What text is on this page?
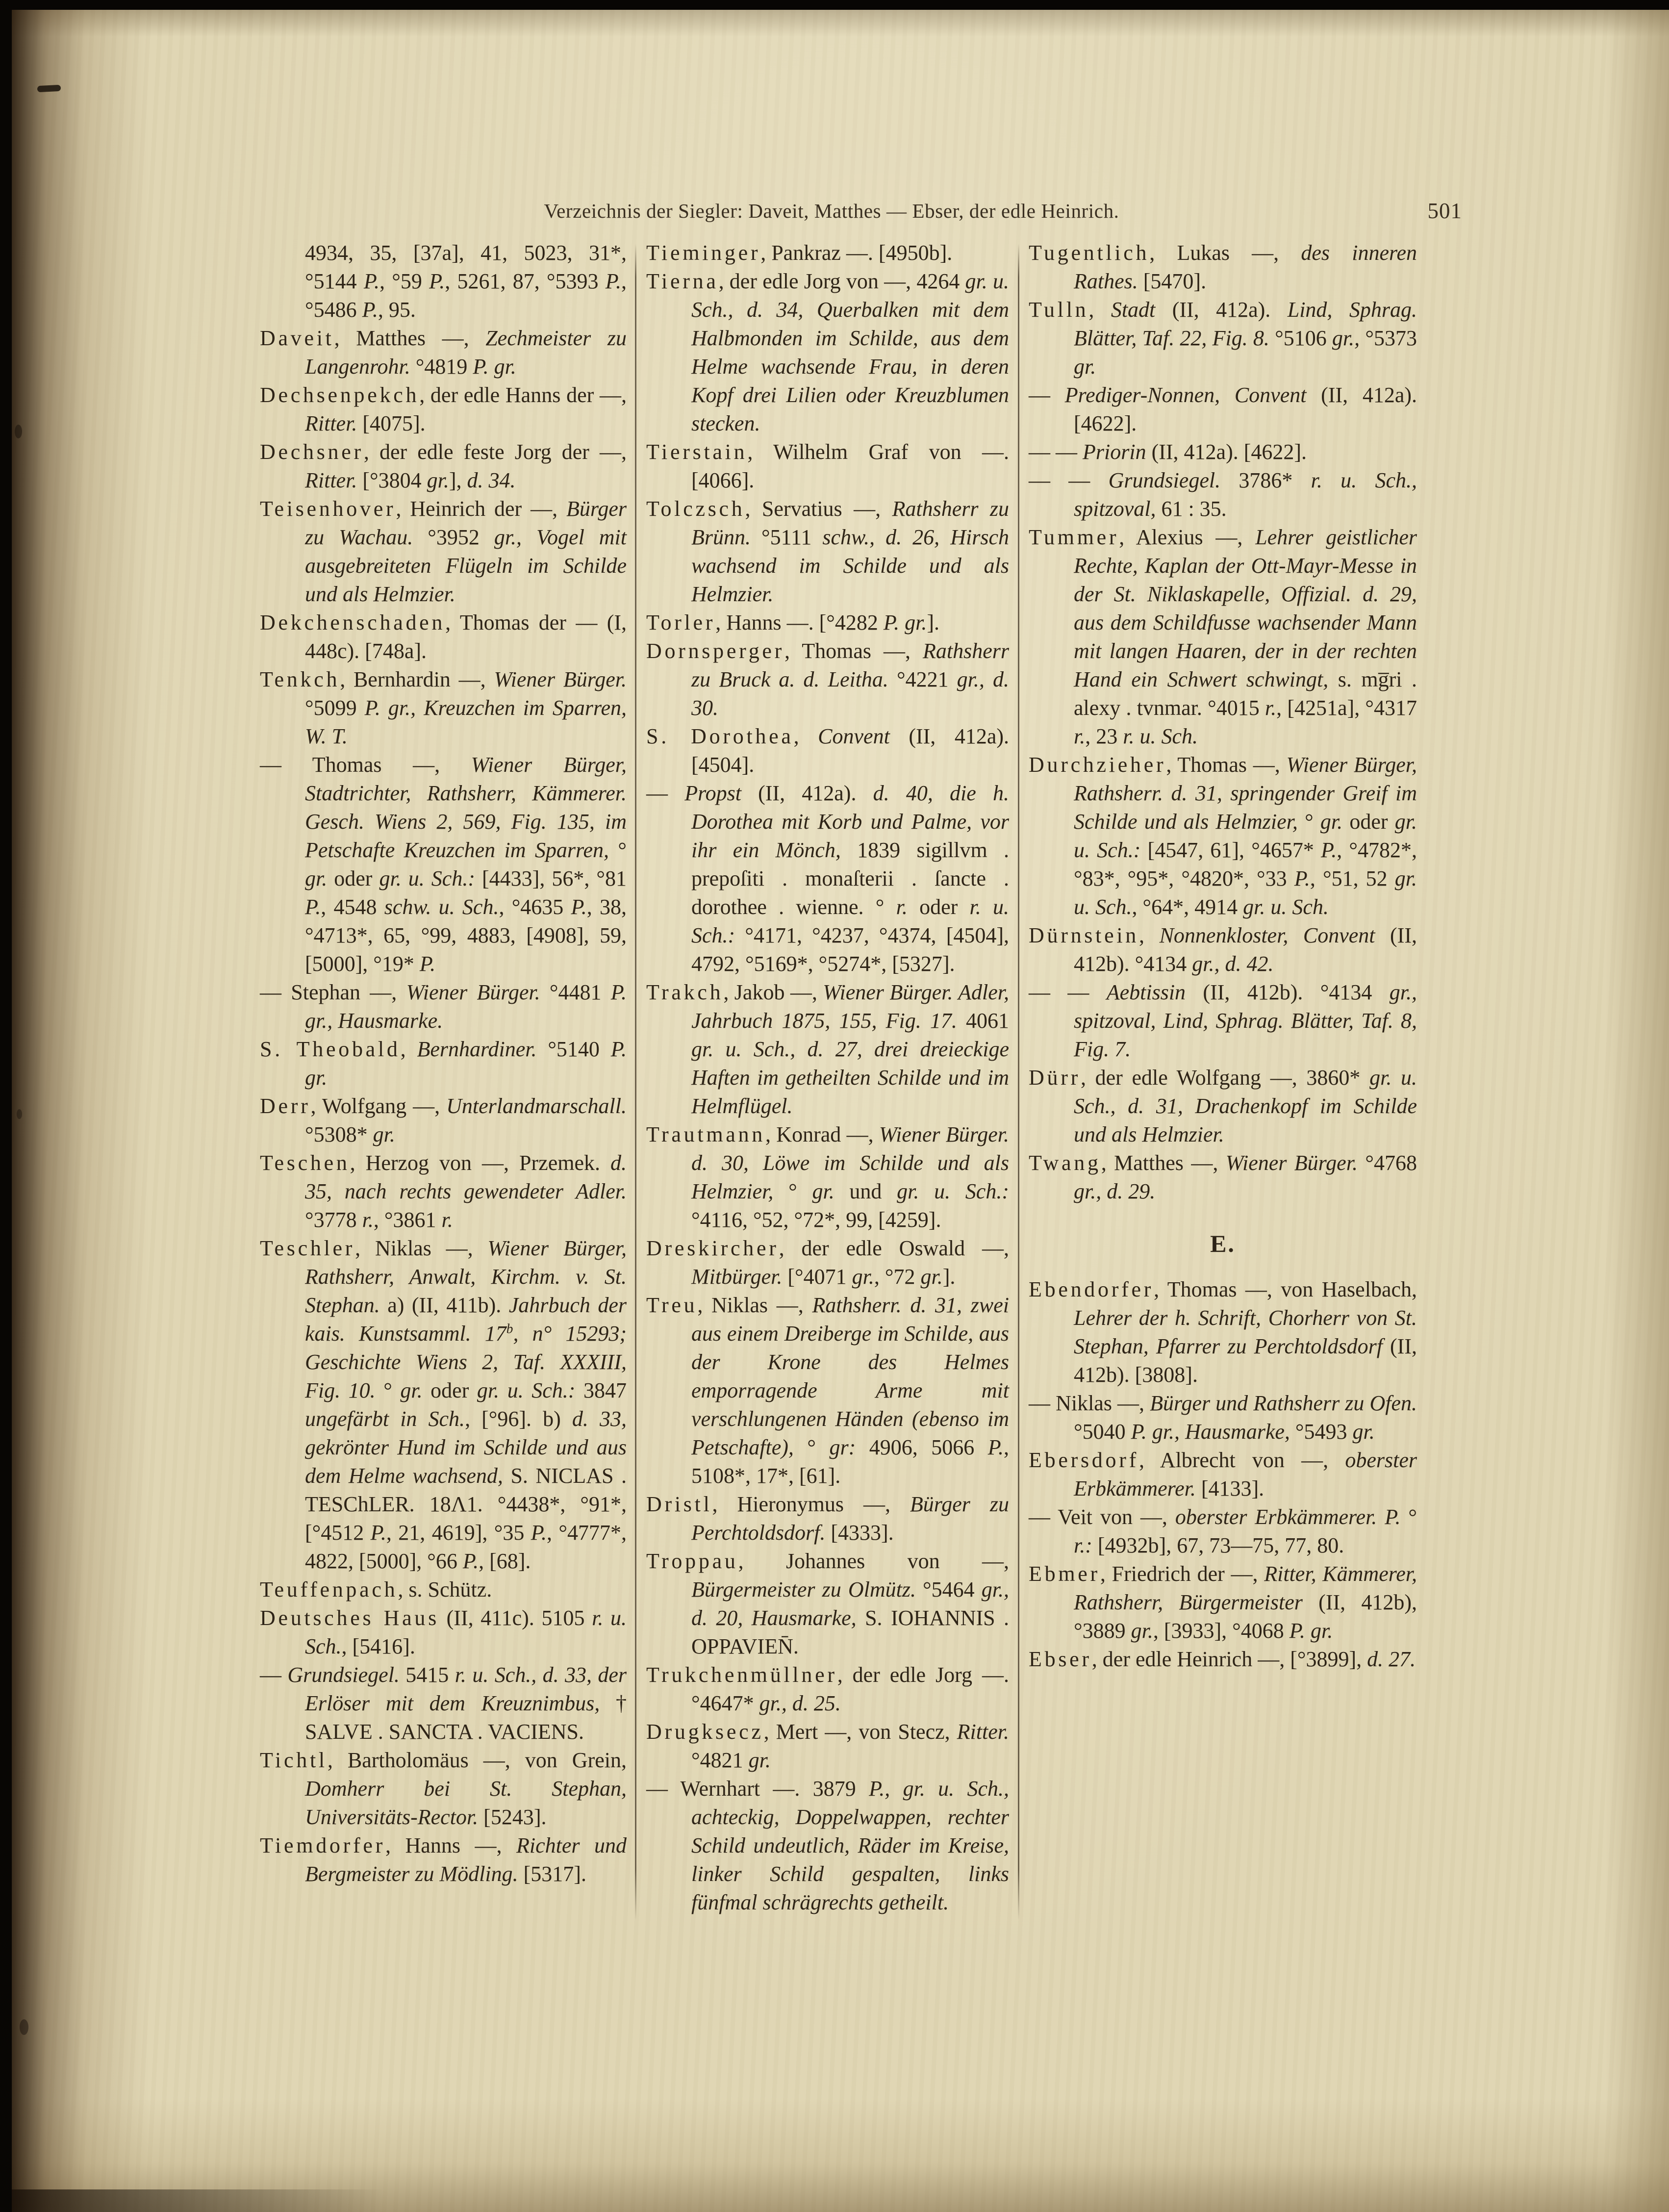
Verzeichnis der Siegler: Daveit, Matthes — Ebser, der edle Heinrich.	501

4934, 35, [37a], 41, 5023, 31*, °5144 P., °59 P., 5261, 87, °5393 P., °5486 P., 95.

Daveit, Matthes —, Zechmeister zu Langenrohr. °4819 P. gr.

Dechsenpekch, der edle Hanns der —, Ritter. [4075].

Dechsner, der edle feste Jorg der —, Ritter. [°3804 gr.], d. 34.

Teisenhover, Heinrich der —, Bürger zu Wachau. °3952 gr., Vogel mit ausgebreiteten Flügeln im Schilde und als Helmzier.

Dekchenschaden, Thomas der — (I, 448c). [748a].

Tenkch, Bernhardin —, Wiener Bürger. °5099 P. gr., Kreuzchen im Sparren, W. T.

— Thomas —, Wiener Bürger, Stadtrichter, Rathsherr, Kämmerer. Gesch. Wiens 2, 569, Fig. 135, im Petschafte Kreuzchen im Sparren, ° gr. oder gr. u. Sch.: [4433], 56*, °81 P., 4548 schw. u. Sch., °4635 P., 38, °4713*, 65, °99, 4883, [4908], 59, [5000], °19* P.

— Stephan —, Wiener Bürger. °4481 P. gr., Hausmarke.

S. Theobald, Bernhardiner. °5140 P. gr.

Derr, Wolfgang —, Unterlandmarschall. °5308* gr.

Teschen, Herzog von —, Przemek. d. 35, nach rechts gewendeter Adler. °3778 r., °3861 r.

Teschler, Niklas —, Wiener Bürger, Rathsherr, Anwalt, Kirchm. v. St. Stephan. a) (II, 411b). Jahrbuch der kais. Kunstsamml. 17$^b$, n° 15293; Geschichte Wiens 2, Taf. XXXIII, Fig. 10. ° gr. oder gr. u. Sch.: 3847 ungefärbt in Sch., [°96]. b) d. 33, gekrönter Hund im Schilde und aus dem Helme wachsend, S. NICLAS . TESChLER. 18Λ1. °4438*, °91*, [°4512 P., 21, 4619], °35 P., °4777*, 4822, [5000], °66 P., [68].

Teuffenpach, s. Schütz.

Deutsches Haus (II, 411c). 5105 r. u. Sch., [5416].

— Grundsiegel. 5415 r. u. Sch., d. 33, der Erlöser mit dem Kreuznimbus, † SALVE . SANCTA . VACIENS.

Tichtl, Bartholomäus —, von Grein, Domherr bei St. Stephan, Universitäts-Rector. [5243].

Tiemdorfer, Hanns —, Richter und Bergmeister zu Mödling. [5317].

Tieminger, Pankraz —. [4950b].

Tierna, der edle Jorg von —, 4264 gr. u. Sch., d. 34, Querbalken mit dem Halbmonden im Schilde, aus dem Helme wachsende Frau, in deren Kopf drei Lilien oder Kreuzblumen stecken.

Tierstain, Wilhelm Graf von —. [4066].

Tolczsch, Servatius —, Rathsherr zu Brünn. °5111 schw., d. 26, Hirsch wachsend im Schilde und als Helmzier.

Torler, Hanns —. [°4282 P. gr.].

Dornsperger, Thomas —, Rathsherr zu Bruck a. d. Leitha. °4221 gr., d. 30.

S. Dorothea, Convent (II, 412a). [4504].

— Propst (II, 412a). d. 40, die h. Dorothea mit Korb und Palme, vor ihr ein Mönch, 1839 sigillvm . prepoſiti . monaſterii . ſancte . dorothee . wienne. ° r. oder r. u. Sch.: °4171, °4237, °4374, [4504], 4792, °5169*, °5274*, [5327].

Trakch, Jakob —, Wiener Bürger. Adler, Jahrbuch 1875, 155, Fig. 17. 4061 gr. u. Sch., d. 27, drei dreieckige Haften im getheilten Schilde und im Helmflügel.

Trautmann, Konrad —, Wiener Bürger. d. 30, Löwe im Schilde und als Helmzier, ° gr. und gr. u. Sch.: °4116, °52, °72*, 99, [4259].

Dreskircher, der edle Oswald —, Mitbürger. [°4071 gr., °72 gr.].

Treu, Niklas —, Rathsherr. d. 31, zwei aus einem Dreiberge im Schilde, aus der Krone des Helmes emporragende Arme mit verschlungenen Händen (ebenso im Petschafte), ° gr: 4906, 5066 P., 5108*, 17*, [61].

Dristl, Hieronymus —, Bürger zu Perchtoldsdorf. [4333].

Troppau, Johannes von —, Bürgermeister zu Olmütz. °5464 gr., d. 20, Hausmarke, S. IOHANNIS . OPPAVIEN̄.

Trukchenmüllner, der edle Jorg —. °4647* gr., d. 25.

Drugksecz, Mert —, von Stecz, Ritter. °4821 gr.

— Wernhart —. 3879 P., gr. u. Sch., achteckig, Doppelwappen, rechter Schild undeutlich, Räder im Kreise, linker Schild gespalten, links fünfmal schrägrechts getheilt.

Tugentlich, Lukas —, des inneren Rathes. [5470].

Tulln, Stadt (II, 412a). Lind, Sphrag. Blätter, Taf. 22, Fig. 8. °5106 gr., °5373 gr.

— Prediger-Nonnen, Convent (II, 412a). [4622].

— — Priorin (II, 412a). [4622].

— — Grundsiegel. 3786* r. u. Sch., spitzoval, 61 : 35.

Tummer, Alexius —, Lehrer geistlicher Rechte, Kaplan der Ott-Mayr-Messe in der St. Niklaskapelle, Offizial. d. 29, aus dem Schildfusse wachsender Mann mit langen Haaren, der in der rechten Hand ein Schwert schwingt, s. mg̅ri . alexy . tvnmar. °4015 r., [4251a], °4317 r., 23 r. u. Sch.

Durchzieher, Thomas —, Wiener Bürger, Rathsherr. d. 31, springender Greif im Schilde und als Helmzier, ° gr. oder gr. u. Sch.: [4547, 61], °4657* P., °4782*, °83*, °95*, °4820*, °33 P., °51, 52 gr. u. Sch., °64*, 4914 gr. u. Sch.

Dürnstein, Nonnenkloster, Convent (II, 412b). °4134 gr., d. 42.

— — Aebtissin (II, 412b). °4134 gr., spitzoval, Lind, Sphrag. Blätter, Taf. 8, Fig. 7.

Dürr, der edle Wolfgang —, 3860* gr. u. Sch., d. 31, Drachenkopf im Schilde und als Helmzier.

Twang, Matthes —, Wiener Bürger. °4768 gr., d. 29.

E.

Ebendorfer, Thomas —, von Haselbach, Lehrer der h. Schrift, Chorherr von St. Stephan, Pfarrer zu Perchtoldsdorf (II, 412b). [3808].

— Niklas —, Bürger und Rathsherr zu Ofen. °5040 P. gr., Hausmarke, °5493 gr.

Ebersdorf, Albrecht von —, oberster Erbkämmerer. [4133].

— Veit von —, oberster Erbkämmerer. P. ° r.: [4932b], 67, 73—75, 77, 80.

Ebmer, Friedrich der —, Ritter, Kämmerer, Rathsherr, Bürgermeister (II, 412b), °3889 gr., [3933], °4068 P. gr.

Ebser, der edle Heinrich —, [°3899], d. 27.
